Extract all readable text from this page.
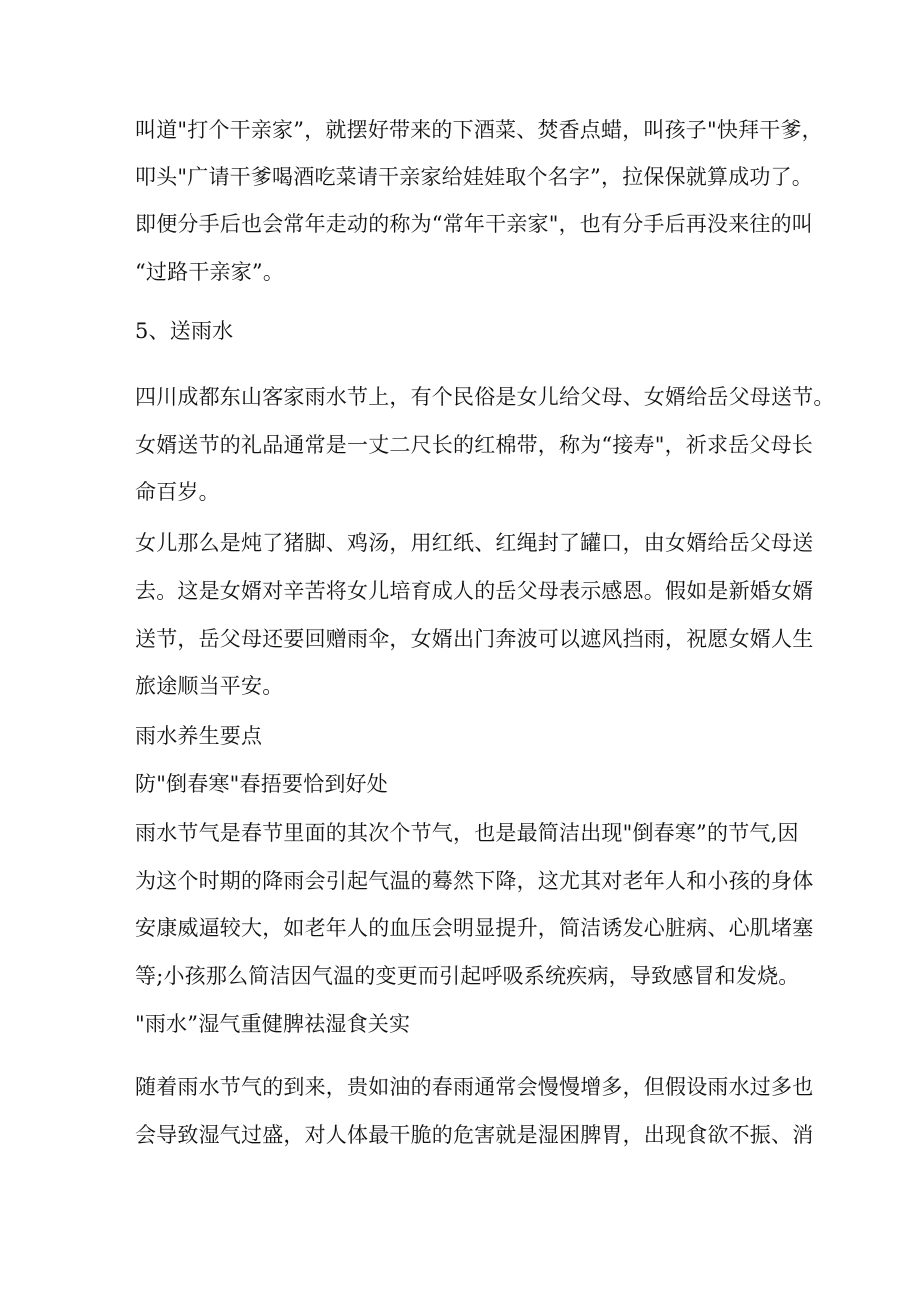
叫道"打个干亲家”，就摆好带来的下酒菜、焚香点蜡，叫孩子"快拜干爹，

叩头"广请干爹喝酒吃菜请干亲家给娃娃取个名字”，拉保保就算成功了。

即便分手后也会常年走动的称为“常年干亲家"，也有分手后再没来往的叫

“过路干亲家”。

5、送雨水

四川成都东山客家雨水节上，有个民俗是女儿给父母、女婿给岳父母送节。

女婿送节的礼品通常是一丈二尺长的红棉带，称为“接寿"，祈求岳父母长

命百岁。

女儿那么是炖了猪脚、鸡汤，用红纸、红绳封了罐口，由女婿给岳父母送

去。这是女婿对辛苦将女儿培育成人的岳父母表示感恩。假如是新婚女婿

送节，岳父母还要回赠雨伞，女婿出门奔波可以遮风挡雨，祝愿女婿人生

旅途顺当平安。

雨水养生要点

防"倒春寒"春捂要恰到好处

雨水节气是春节里面的其次个节气，也是最简洁出现"倒春寒”的节气,因

为这个时期的降雨会引起气温的蓦然下降，这尤其对老年人和小孩的身体

安康威逼较大，如老年人的血压会明显提升，简洁诱发心脏病、心肌堵塞

等;小孩那么简洁因气温的变更而引起呼吸系统疾病，导致感冒和发烧。

"雨水”湿气重健脾祛湿食关实

随着雨水节气的到来，贵如油的春雨通常会慢慢增多，但假设雨水过多也

会导致湿气过盛，对人体最干脆的危害就是湿困脾胃，出现食欲不振、消
